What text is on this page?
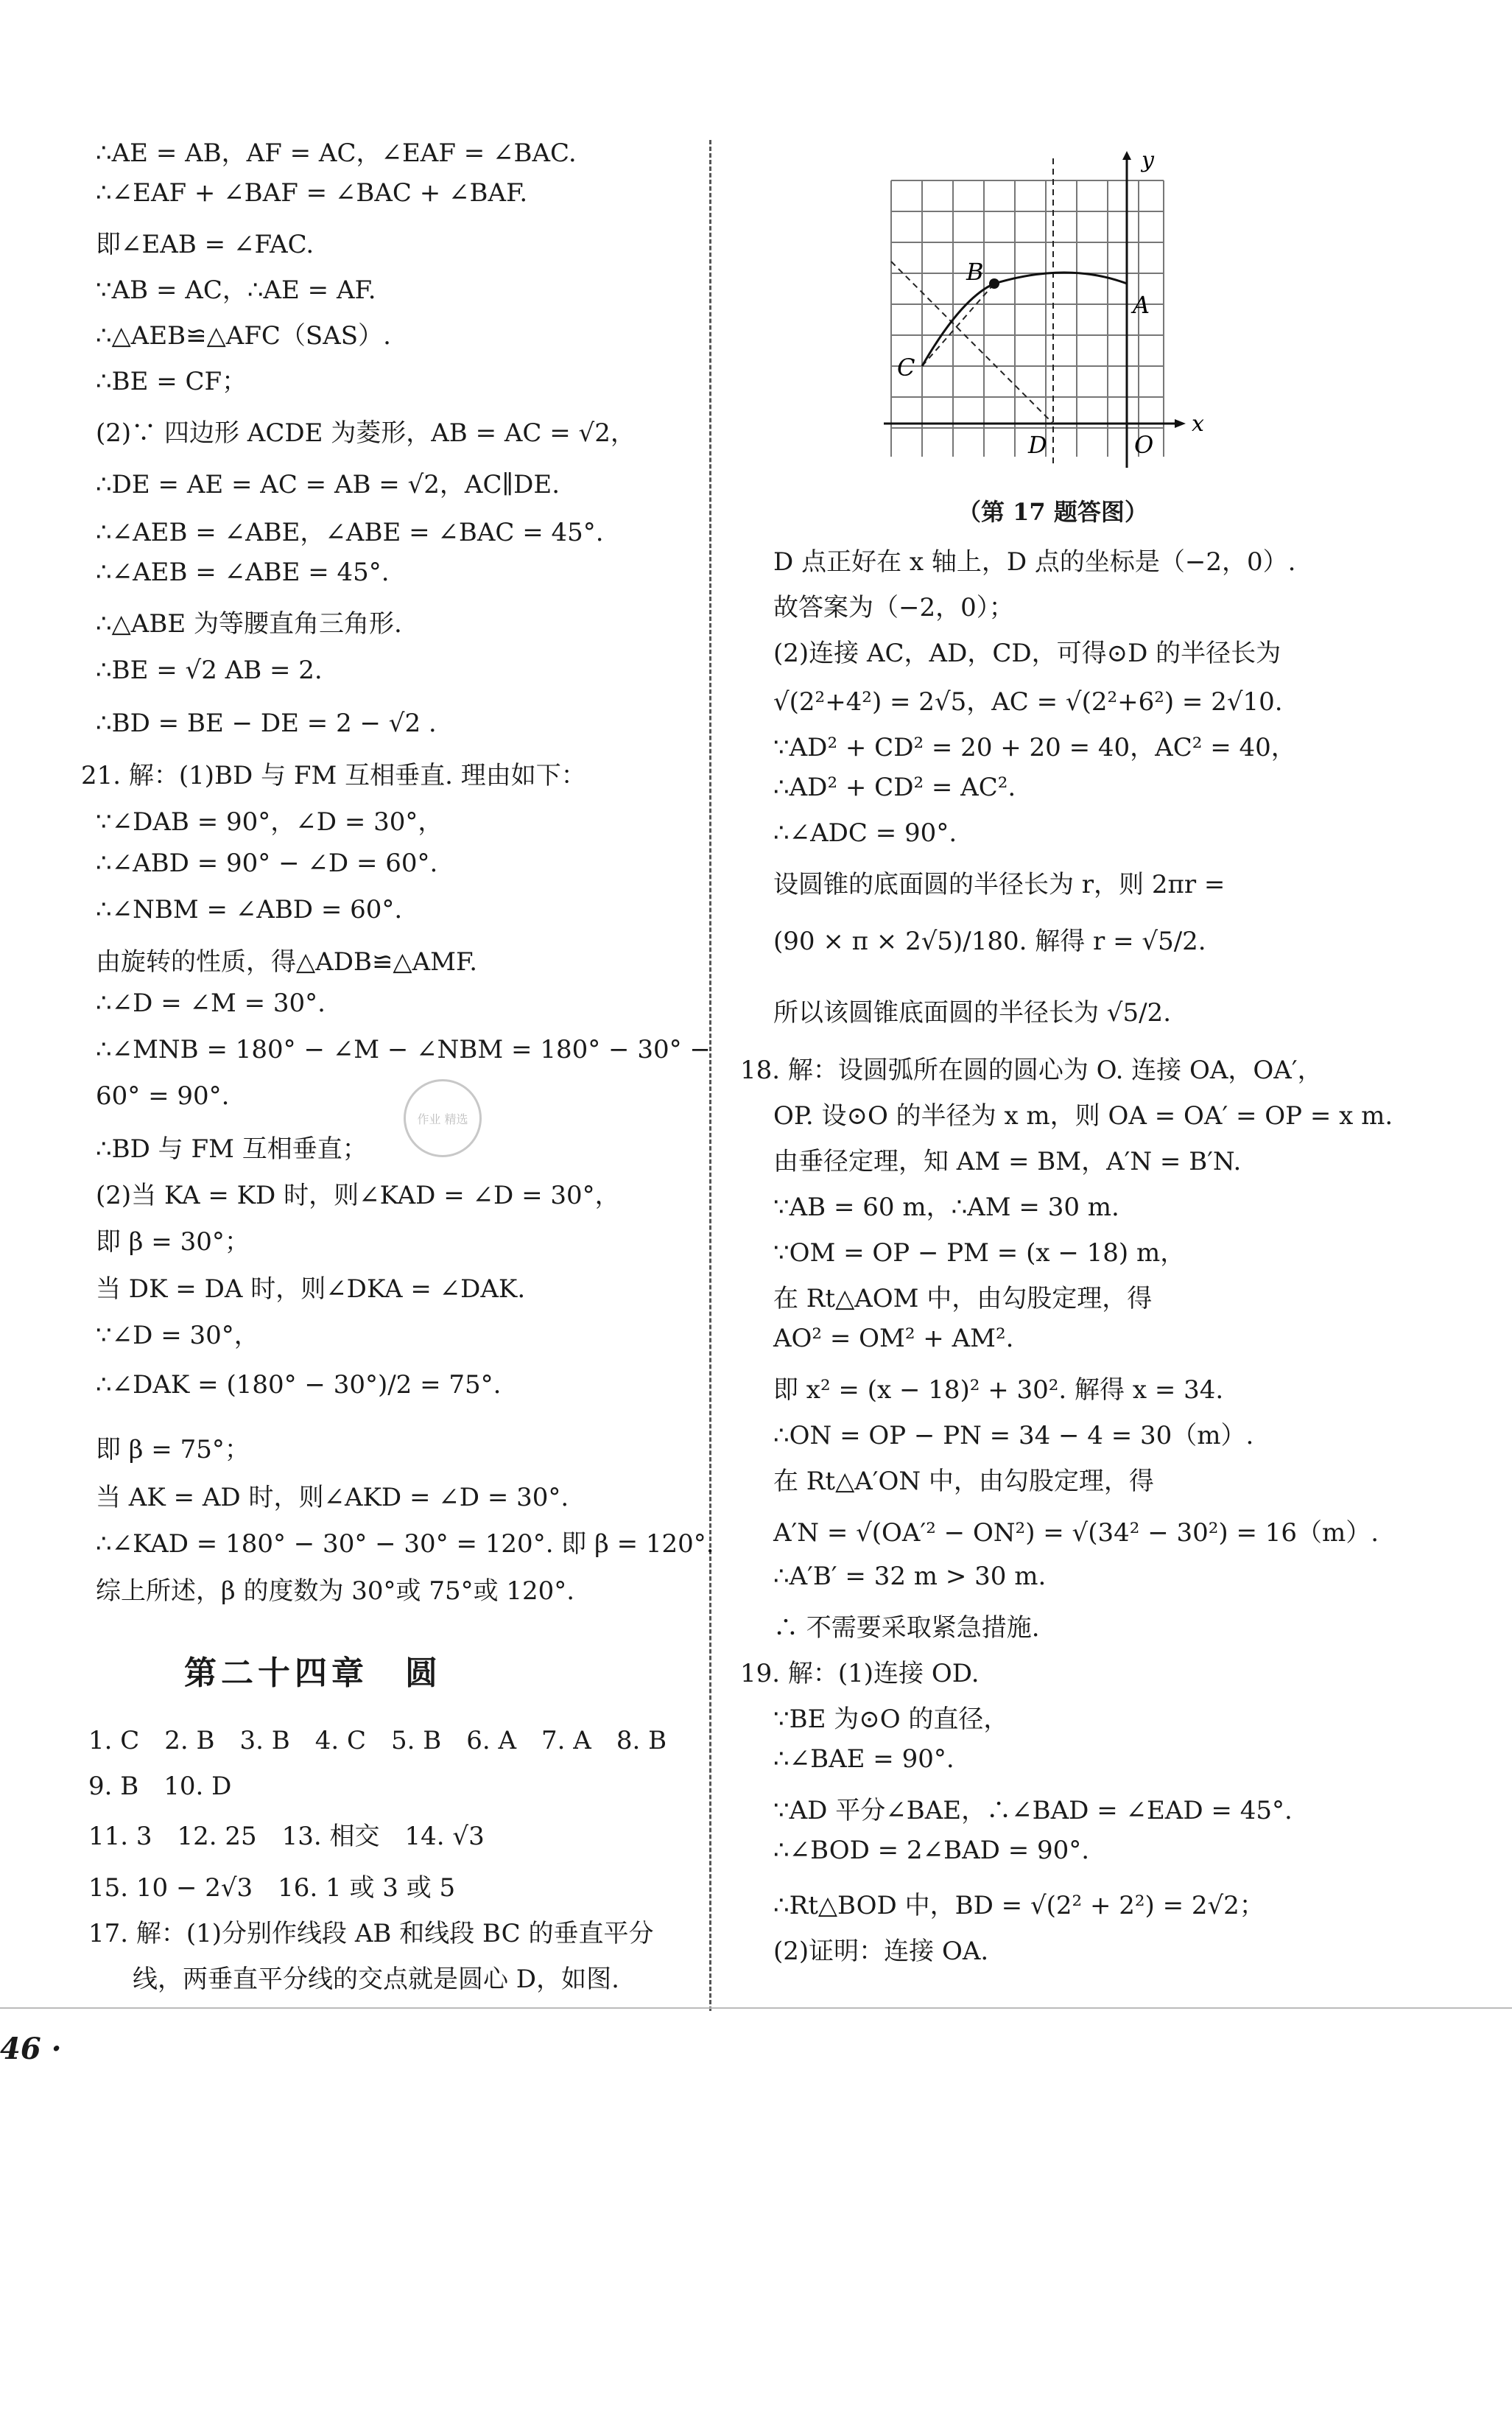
∴AE = AB，AF = AC，∠EAF = ∠BAC.
∴∠EAF + ∠BAF = ∠BAC + ∠BAF.
即∠EAB = ∠FAC.
∵AB = AC，∴AE = AF.
∴△AEB≌△AFC（SAS）.
∴BE = CF；
(2)∵ 四边形 ACDE 为菱形，AB = AC = √2，
∴DE = AE = AC = AB = √2，AC∥DE.
∴∠AEB = ∠ABE，∠ABE = ∠BAC = 45°.
∴∠AEB = ∠ABE = 45°.
∴△ABE 为等腰直角三角形.
∴BE = √2 AB = 2.
∴BD = BE − DE = 2 − √2 .
21. 解：(1)BD 与 FM 互相垂直. 理由如下：
∵∠DAB = 90°，∠D = 30°，
∴∠ABD = 90° − ∠D = 60°.
∴∠NBM = ∠ABD = 60°.
由旋转的性质，得△ADB≌△AMF.
∴∠D = ∠M = 30°.
∴∠MNB = 180° − ∠M − ∠NBM = 180° − 30° −
60° = 90°.
∴BD 与 FM 互相垂直；
(2)当 KA = KD 时，则∠KAD = ∠D = 30°，
即 β = 30°；
当 DK = DA 时，则∠DKA = ∠DAK.
∵∠D = 30°，
∴∠DAK = (180° − 30°)/2 = 75°.
即 β = 75°；
当 AK = AD 时，则∠AKD = ∠D = 30°.
∴∠KAD = 180° − 30° − 30° = 120°. 即 β = 120°.
综上所述，β 的度数为 30°或 75°或 120°.
作业 精选
第二十四章　圆
1. C　2. B　3. B　4. C　5. B　6. A　7. A　8. B
9. B　10. D
11. 3　12. 25　13. 相交　14. √3
15. 10 − 2√3　16. 1 或 3 或 5
17. 解：(1)分别作线段 AB 和线段 BC 的垂直平分
线，两垂直平分线的交点就是圆心 D，如图.
y
x
A
B
C
D	O
（第 17 题答图）
D 点正好在 x 轴上，D 点的坐标是（−2，0）.
故答案为（−2，0）；
(2)连接 AC，AD，CD，可得⊙D 的半径长为
√(2²+4²) = 2√5，AC = √(2²+6²) = 2√10.
∵AD² + CD² = 20 + 20 = 40，AC² = 40，
∴AD² + CD² = AC².
∴∠ADC = 90°.
设圆锥的底面圆的半径长为 r，则 2πr =
(90 × π × 2√5)/180. 解得 r = √5/2.
所以该圆锥底面圆的半径长为 √5/2.
18. 解：设圆弧所在圆的圆心为 O. 连接 OA，OA′，
OP. 设⊙O 的半径为 x m，则 OA = OA′ = OP = x m.
由垂径定理，知 AM = BM，A′N = B′N.
∵AB = 60 m，∴AM = 30 m.
∵OM = OP − PM = (x − 18) m，
在 Rt△AOM 中，由勾股定理，得
AO² = OM² + AM².
即 x² = (x − 18)² + 30². 解得 x = 34.
∴ON = OP − PN = 34 − 4 = 30（m）.
在 Rt△A′ON 中，由勾股定理，得
A′N = √(OA′² − ON²) = √(34² − 30²) = 16（m）.
∴A′B′ = 32 m > 30 m.
∴ 不需要采取紧急措施.
19. 解：(1)连接 OD.
∵BE 为⊙O 的直径，
∴∠BAE = 90°.
∵AD 平分∠BAE，∴∠BAD = ∠EAD = 45°.
∴∠BOD = 2∠BAD = 90°.
∴Rt△BOD 中，BD = √(2² + 2²) = 2√2；
(2)证明：连接 OA.
46 ·
